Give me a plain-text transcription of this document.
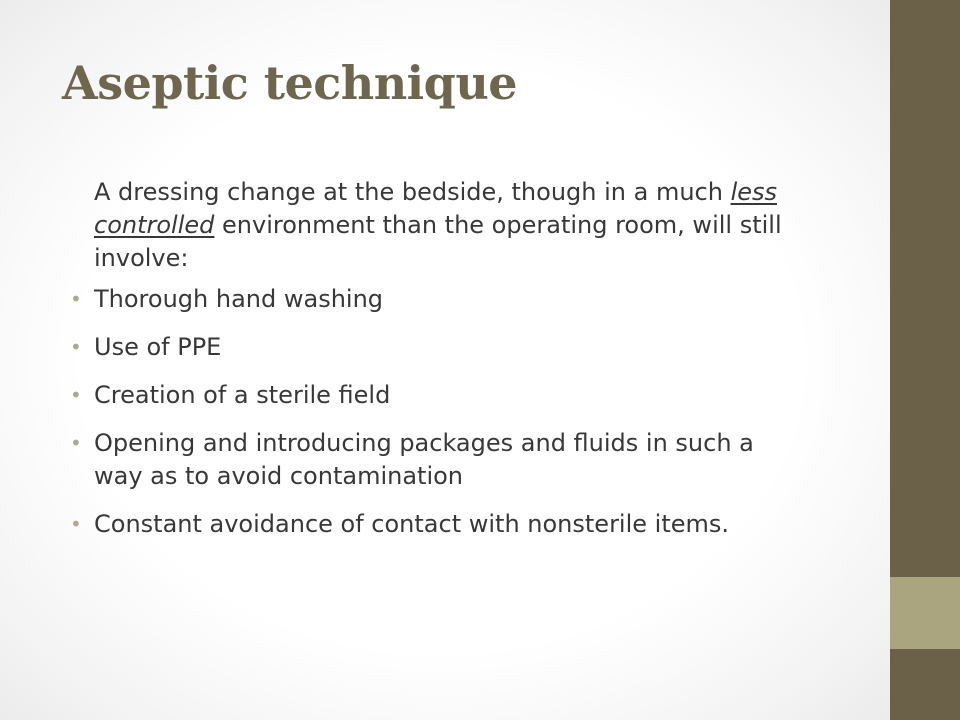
Aseptic technique

A dressing change at the bedside, though in a much less controlled environment than the operating room, will still involve:

• Thorough hand washing
• Use of PPE
• Creation of a sterile field
• Opening and introducing packages and fluids in such a way as to avoid contamination
• Constant avoidance of contact with nonsterile items.
